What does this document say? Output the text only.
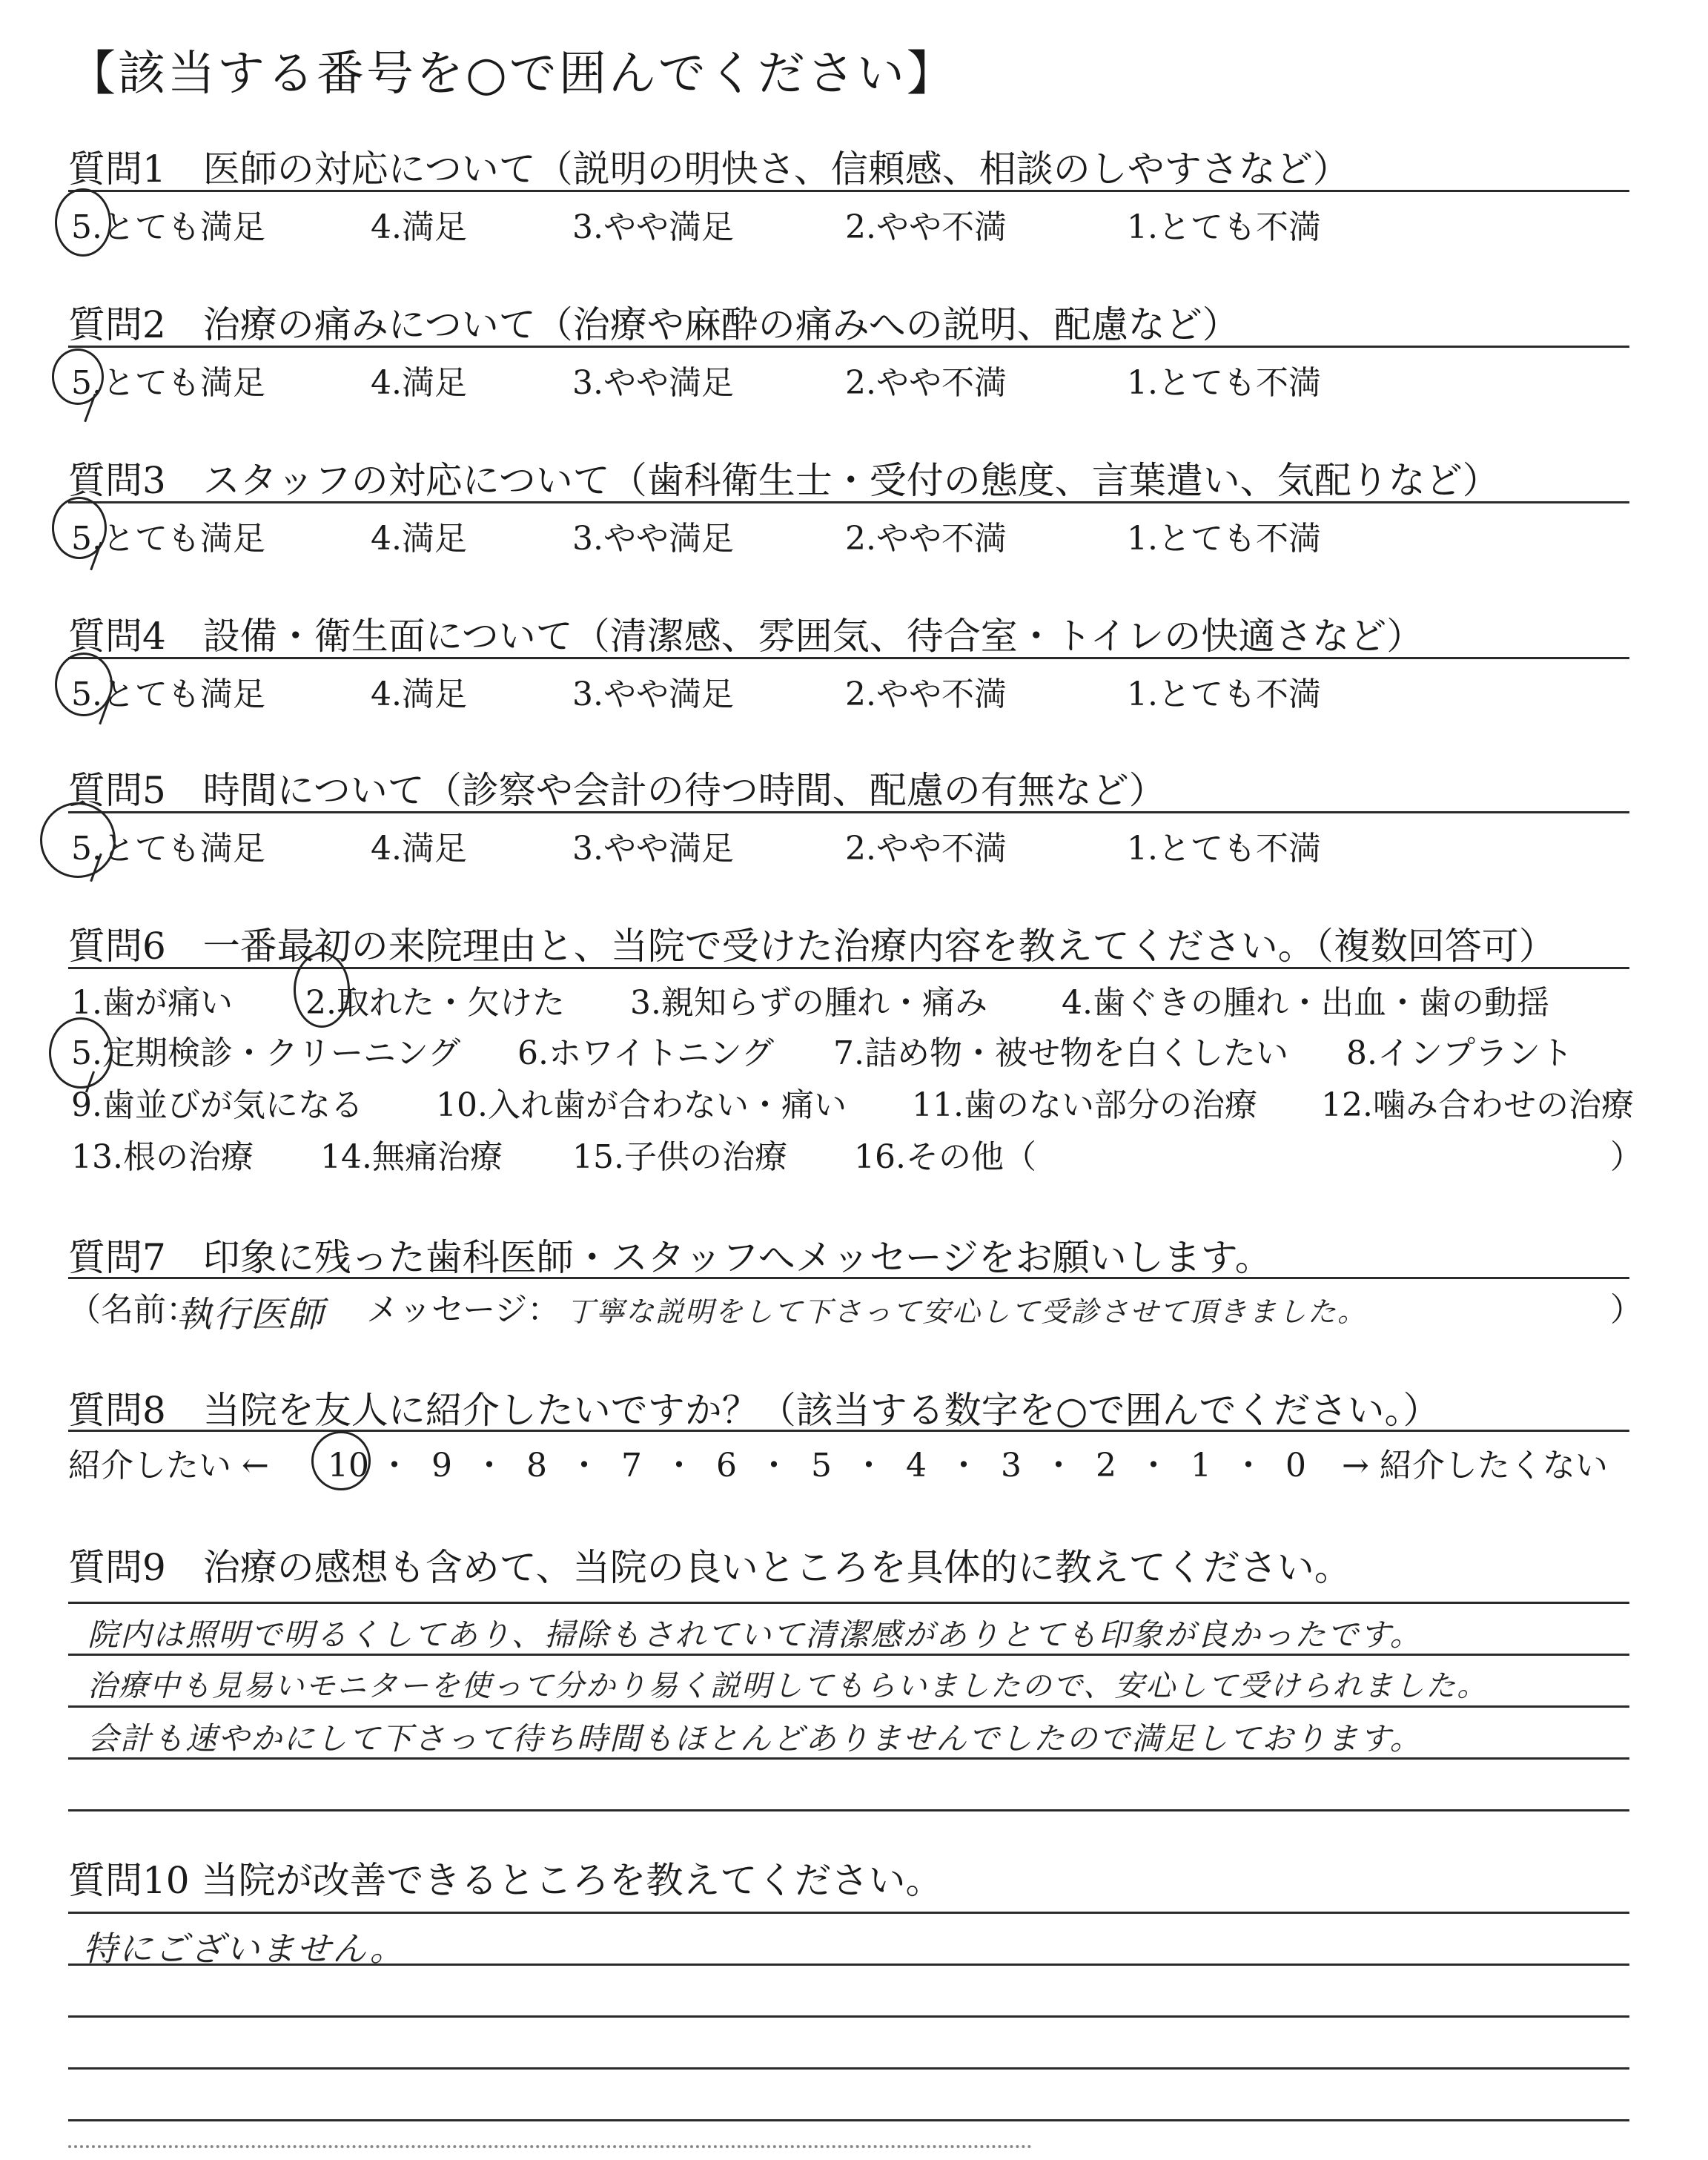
【該当する番号を○で囲んでください】
質問1　医師の対応について（説明の明快さ、信頼感、相談のしやすさなど）
5.とても満足	4.満足	3.やや満足	2.やや不満	1.とても不満
質問2　治療の痛みについて（治療や麻酔の痛みへの説明、配慮など）
5.とても満足	4.満足	3.やや満足	2.やや不満	1.とても不満
質問3　スタッフの対応について（歯科衛生士・受付の態度、言葉遣い、気配りなど）
5.とても満足	4.満足	3.やや満足	2.やや不満	1.とても不満
質問4　設備・衛生面について（清潔感、雰囲気、待合室・トイレの快適さなど）
5.とても満足	4.満足	3.やや満足	2.やや不満	1.とても不満
質問5　時間について（診察や会計の待つ時間、配慮の有無など）
5.とても満足	4.満足	3.やや満足	2.やや不満	1.とても不満
質問6　一番最初の来院理由と、当院で受けた治療内容を教えてください。（複数回答可）
1.歯が痛い 2.取れた・欠けた 3.親知らずの腫れ・痛み 4.歯ぐきの腫れ・出血・歯の動揺
5.定期検診・クリーニング 6.ホワイトニング 7.詰め物・被せ物を白くしたい 8.インプラント
9.歯並びが気になる 10.入れ歯が合わない・痛い 11.歯のない部分の治療 12.噛み合わせの治療
13.根の治療 14.無痛治療 15.子供の治療 16.その他（	）
質問7　印象に残った歯科医師・スタッフへメッセージをお願いします。
（名前：
執行医師 メッセージ： 丁寧な説明をして下さって安心して受診させて頂きました。	）
質問8　当院を友人に紹介したいですか？（該当する数字を○で囲んでください。）
紹介したい ← 10 ・ 9 ・ 8 ・ 7 ・ 6 ・ 5 ・ 4 ・ 3 ・ 2 ・ 1 ・ 0	→ 紹介したくない
質問9　治療の感想も含めて、当院の良いところを具体的に教えてください。
院内は照明で明るくしてあり、掃除もされていて清潔感がありとても印象が良かったです。
治療中も見易いモニターを使って分かり易く説明してもらいましたので、安心して受けられました。
会計も速やかにして下さって待ち時間もほとんどありませんでしたので満足しております。
質問10 当院が改善できるところを教えてください。
特にございません。
